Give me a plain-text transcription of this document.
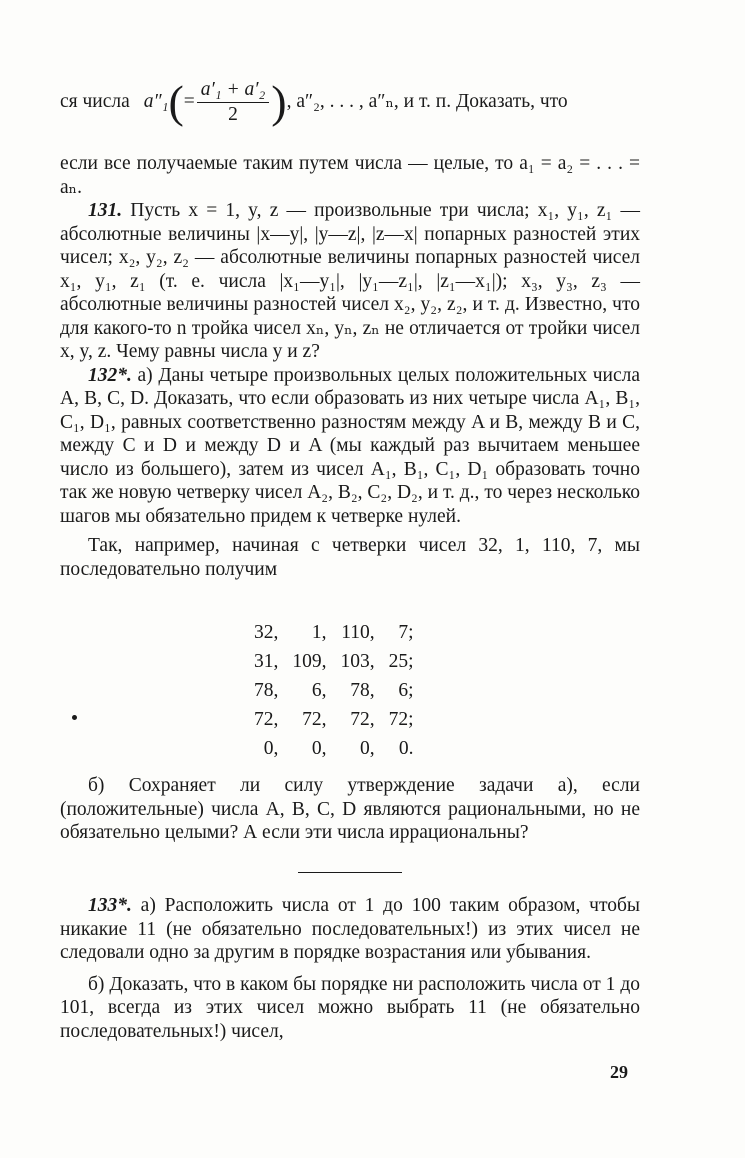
ся числа a″₁ ( = $\frac{\text{a′₁ + a′₂}}{2}$ ) , a″₂, . . . , a″ₙ, и т. п. Доказать, что

если все получаемые таким путем числа — целые, то a₁ = a₂ = . . . = aₙ.

131. Пусть x = 1, y, z — произвольные три числа; x₁, y₁, z₁ — абсолютные величины |x—y|, |y—z|, |z—x| попарных разностей этих чисел; x₂, y₂, z₂ — абсолютные величины попарных разностей чисел x₁, y₁, z₁ (т. е. числа |x₁—y₁|, |y₁—z₁|, |z₁—x₁|); x₃, y₃, z₃ — абсолютные величины разностей чисел x₂, y₂, z₂, и т. д. Известно, что для какого-то n тройка чисел xₙ, yₙ, zₙ не отличается от тройки чисел x, y, z. Чему равны числа y и z?

132*. а) Даны четыре произвольных целых положительных числа A, B, C, D. Доказать, что если образовать из них четыре числа A₁, B₁, C₁, D₁, равных соответственно разностям между A и B, между B и C, между C и D и между D и A (мы каждый раз вычитаем меньшее число из большего), затем из чисел A₁, B₁, C₁, D₁ образовать точно так же новую четверку чисел A₂, B₂, C₂, D₂, и т. д., то через несколько шагов мы обязательно придем к четверке нулей.

Так, например, начиная с четверки чисел 32, 1, 110, 7, мы последовательно получим

32,	1,	110,	7;
31,	109,	103,	25;
78,	6,	78,	6;
72,	72,	72,	72;
0,	0,	0,	0.

б) Сохраняет ли силу утверждение задачи а), если (положительные) числа A, B, C, D являются рациональными, но не обязательно целыми? А если эти числа иррациональны?

133*. а) Расположить числа от 1 до 100 таким образом, чтобы никакие 11 (не обязательно последовательных!) из этих чисел не следовали одно за другим в порядке возрастания или убывания.

б) Доказать, что в каком бы порядке ни расположить числа от 1 до 101, всегда из этих чисел можно выбрать 11 (не обязательно последовательных!) чисел,

29
